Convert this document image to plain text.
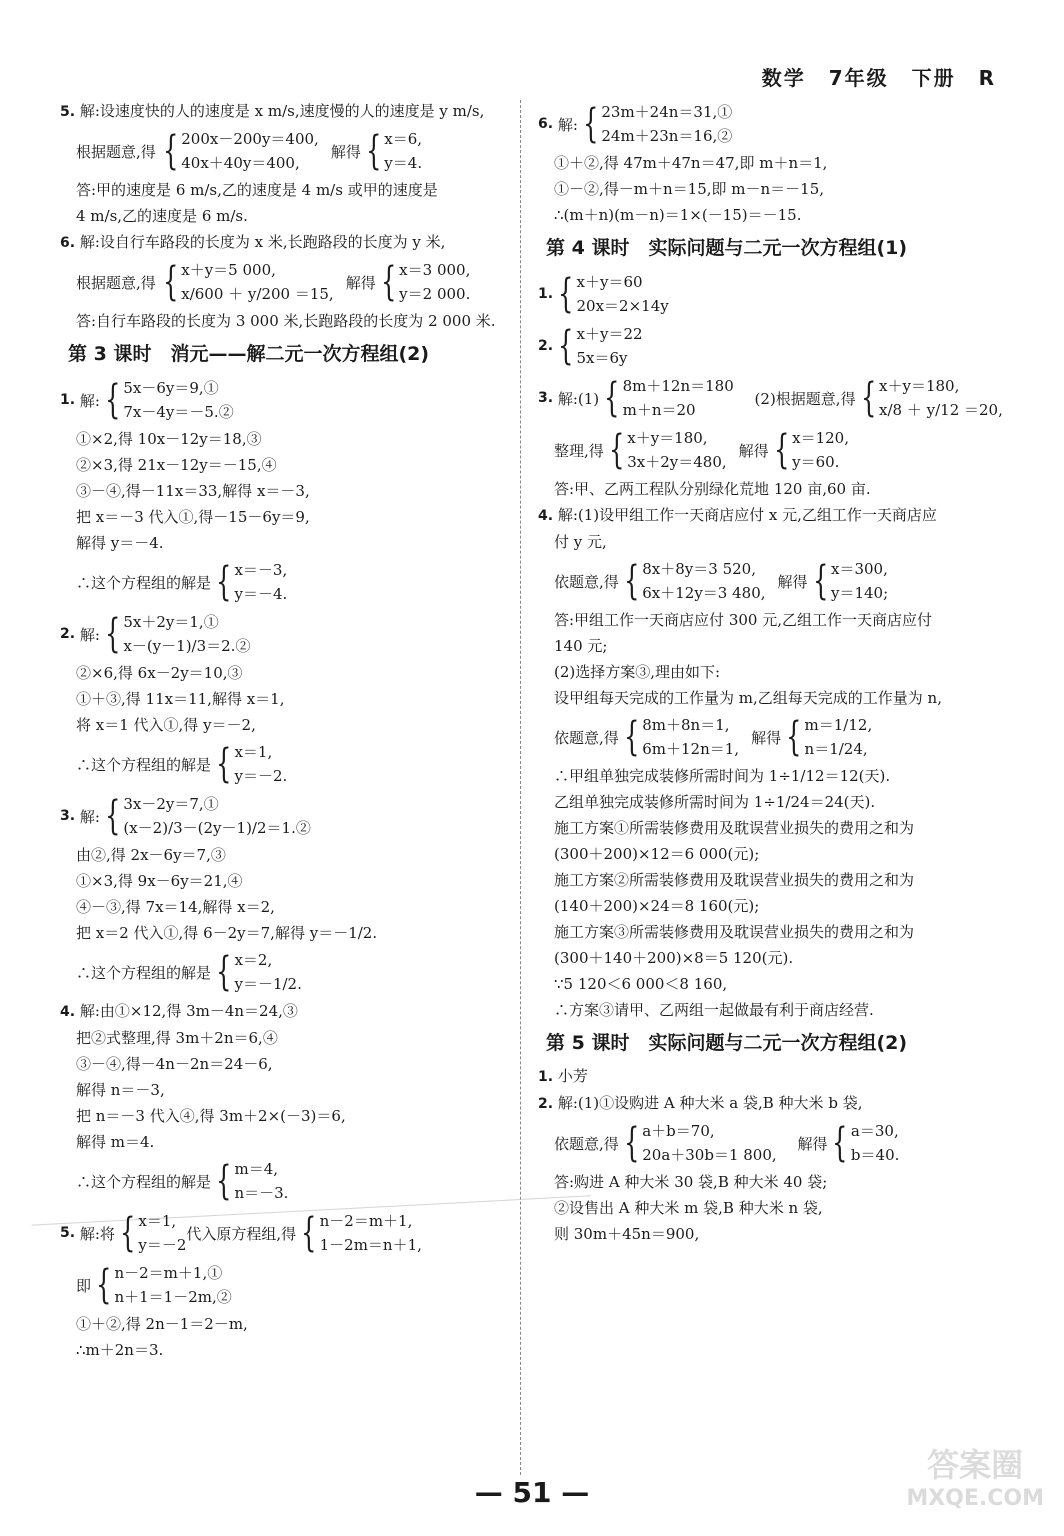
数学 7年级 下册 R
5. 解:设速度快的人的速度是 x m/s,速度慢的人的速度是 y m/s,
根据题意,得 { 200x－200y＝400,
40x＋40y＝400,
解得 { x＝6,
y＝4.
答:甲的速度是 6 m/s,乙的速度是 4 m/s 或甲的速度是
4 m/s,乙的速度是 6 m/s.
6. 解:设自行车路段的长度为 x 米,长跑路段的长度为 y 米,
根据题意,得 { x＋y＝5 000,
x/600 ＋ y/200 ＝15,
解得 { x＝3 000,
y＝2 000.
答:自行车路段的长度为 3 000 米,长跑路段的长度为 2 000 米.
第 3 课时　消元——解二元一次方程组(2)
1.
解: { 5x－6y＝9,①
7x－4y＝－5.②
①×2,得 10x－12y＝18,③
②×3,得 21x－12y＝－15,④
③－④,得－11x＝33,解得 x＝－3,
把 x＝－3 代入①,得－15－6y＝9,
解得 y＝－4.
∴这个方程组的解是 { x＝－3,
y＝－4.
2.
解: { 5x＋2y＝1,①
x－(y－1)/3＝2.②
②×6,得 6x－2y＝10,③
①＋③,得 11x＝11,解得 x＝1,
将 x＝1 代入①,得 y＝－2,
∴这个方程组的解是 { x＝1,
y＝－2.
3.
解: { 3x－2y＝7,①
(x－2)/3－(2y－1)/2＝1.②
由②,得 2x－6y＝7,③
①×3,得 9x－6y＝21,④
④－③,得 7x＝14,解得 x＝2,
把 x＝2 代入①,得 6－2y＝7,解得 y＝－1/2.
∴这个方程组的解是 { x＝2,
y＝－1/2.
4. 解:由①×12,得 3m－4n＝24,③
把②式整理,得 3m＋2n＝6,④
③－④,得－4n－2n＝24－6,
解得 n＝－3,
把 n＝－3 代入④,得 3m＋2×(－3)＝6,
解得 m＝4.
∴这个方程组的解是 { m＝4,
n＝－3.
5.
解:将 { x＝1,
y＝－2
代入原方程组,得 { n－2＝m＋1,
1－2m＝n＋1,

即 { n－2＝m＋1,①
n＋1＝1－2m,②
①＋②,得 2n－1＝2－m,
∴m＋2n＝3.
6.
解: { 23m＋24n＝31,①
24m＋23n＝16,②
①＋②,得 47m＋47n＝47,即 m＋n＝1,
①－②,得－m＋n＝15,即 m－n＝－15,
∴(m＋n)(m－n)＝1×(－15)＝－15.
第 4 课时　实际问题与二元一次方程组(1)
1. { x＋y＝60
20x＝2×14y
2. { x＋y＝22
5x＝6y
3.
解:(1) { 8m＋12n＝180
m＋n＝20

(2)根据题意,得 { x＋y＝180,
x/8 ＋ y/12 ＝20,

整理,得 { x＋y＝180,
3x＋2y＝480,
解得 { x＝120,
y＝60.
答:甲、乙两工程队分别绿化荒地 120 亩,60 亩.
4. 解:(1)设甲组工作一天商店应付 x 元,乙组工作一天商店应
付 y 元,
依题意,得 { 8x＋8y＝3 520,
6x＋12y＝3 480,
解得 { x＝300,
y＝140;
答:甲组工作一天商店应付 300 元,乙组工作一天商店应付
140 元;
(2)选择方案③,理由如下:
设甲组每天完成的工作量为 m,乙组每天完成的工作量为 n,
依题意,得 { 8m＋8n＝1,
6m＋12n＝1,
解得 { m＝1/12,
n＝1/24,
∴甲组单独完成装修所需时间为 1÷1/12＝12(天).
乙组单独完成装修所需时间为 1÷1/24＝24(天).
施工方案①所需装修费用及耽误营业损失的费用之和为
(300＋200)×12＝6 000(元);
施工方案②所需装修费用及耽误营业损失的费用之和为
(140＋200)×24＝8 160(元);
施工方案③所需装修费用及耽误营业损失的费用之和为
(300＋140＋200)×8＝5 120(元).
∵5 120＜6 000＜8 160,
∴方案③请甲、乙两组一起做最有利于商店经营.
第 5 课时　实际问题与二元一次方程组(2)
1. 小芳
2. 解:(1)①设购进 A 种大米 a 袋,B 种大米 b 袋,
依题意,得 { a＋b＝70,
20a＋30b＝1 800,

解得 { a＝30,
b＝40.
答:购进 A 种大米 30 袋,B 种大米 40 袋;
②设售出 A 种大米 m 袋,B 种大米 n 袋,
则 30m＋45n＝900,
— 51 —
答案圈
MXQE.COM
